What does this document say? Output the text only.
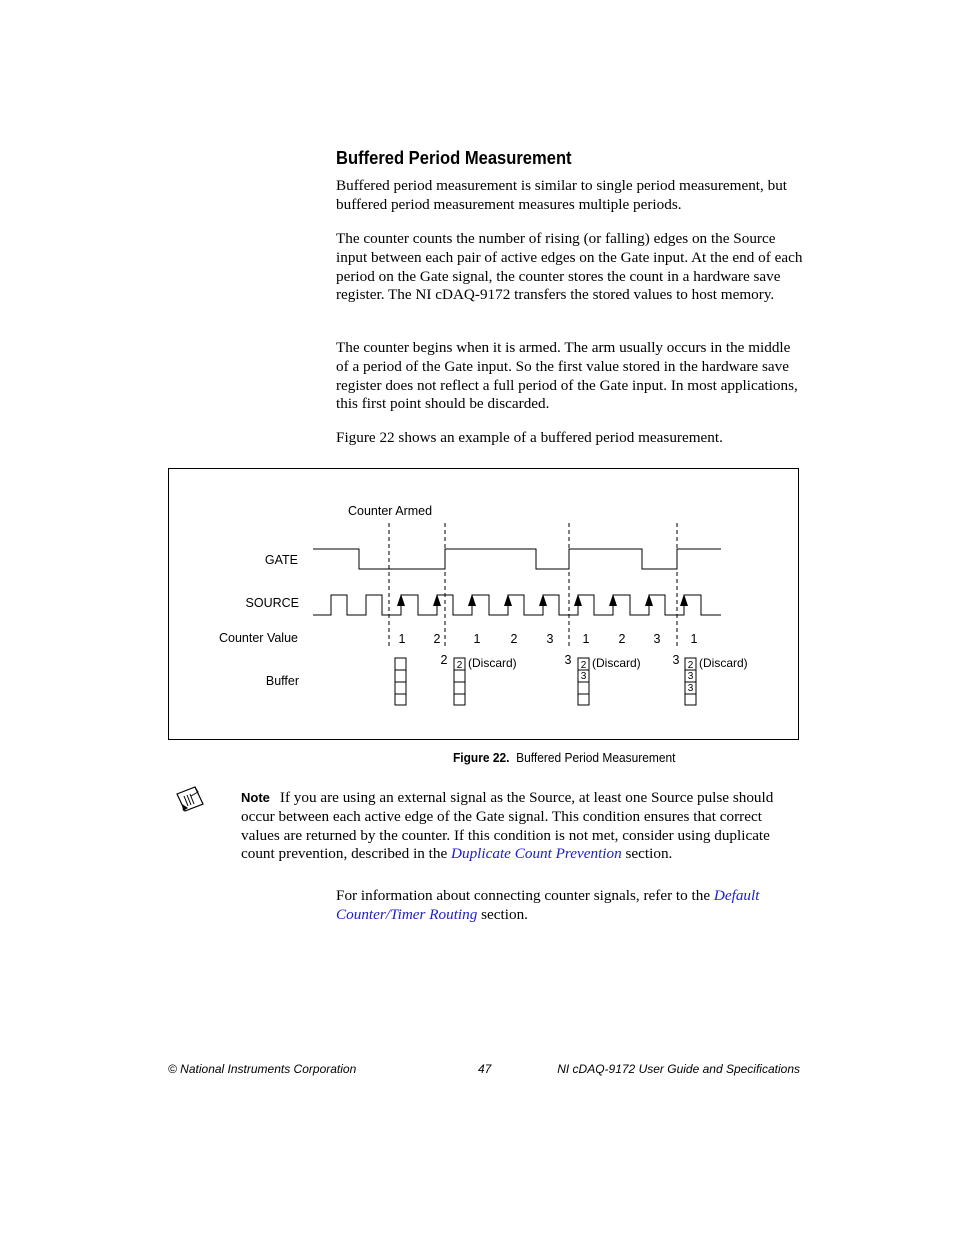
Buffered Period Measurement

Buffered period measurement is similar to single period measurement, but buffered period measurement measures multiple periods.

The counter counts the number of rising (or falling) edges on the Source input between each pair of active edges on the Gate input. At the end of each period on the Gate signal, the counter stores the count in a hardware save register. The NI cDAQ-9172 transfers the stored values to host memory.

The counter begins when it is armed. The arm usually occurs in the middle of a period of the Gate input. So the first value stored in the hardware save register does not reflect a full period of the Gate input. In most applications, this first point should be discarded.

Figure 22 shows an example of a buffered period measurement.

Counter Armed
GATE
SOURCE
Counter Value
Buffer
1 2	1 2 3 1 2 3 1
2	3	3
2 (Discard)	2
3
(Discard)	2
3
3
(Discard)
Figure 22. Buffered Period Measurement
Note If you are using an external signal as the Source, at least one Source pulse should occur between each active edge of the Gate signal. This condition ensures that correct values are returned by the counter. If this condition is not met, consider using duplicate count prevention, described in the Duplicate Count Prevention section.
For information about connecting counter signals, refer to the Default Counter/Timer Routing section.
© National Instruments Corporation	47	NI cDAQ-9172 User Guide and Specifications
